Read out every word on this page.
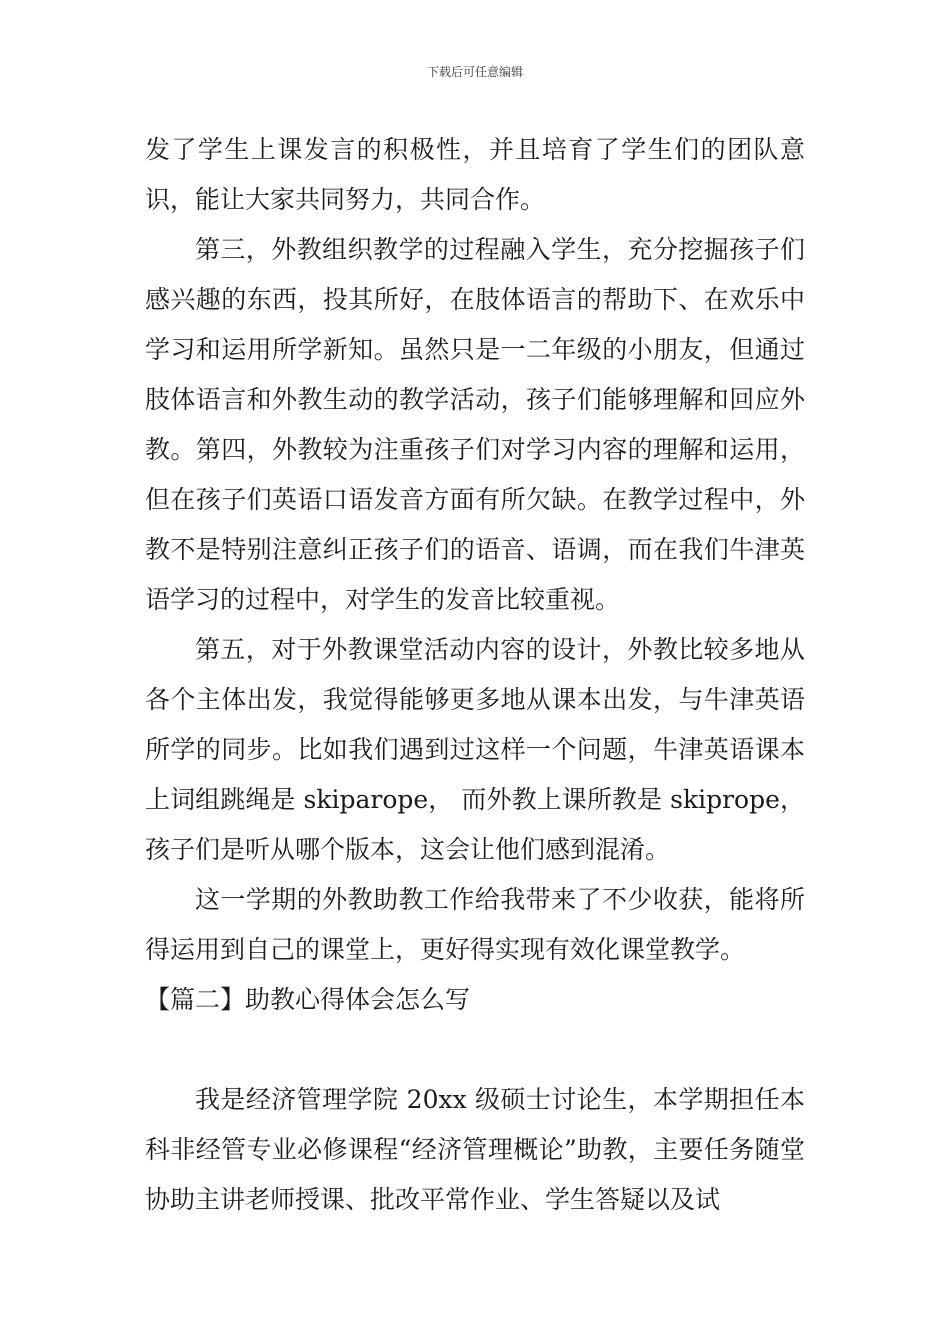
下载后可任意编辑

发了学生上课发言的积极性，并且培育了学生们的团队意识，能让大家共同努力，共同合作。

第三，外教组织教学的过程融入学生，充分挖掘孩子们感兴趣的东西，投其所好，在肢体语言的帮助下、在欢乐中学习和运用所学新知。虽然只是一二年级的小朋友，但通过肢体语言和外教生动的教学活动，孩子们能够理解和回应外教。第四，外教较为注重孩子们对学习内容的理解和运用，但在孩子们英语口语发音方面有所欠缺。在教学过程中，外教不是特别注意纠正孩子们的语音、语调，而在我们牛津英语学习的过程中，对学生的发音比较重视。

第五，对于外教课堂活动内容的设计，外教比较多地从各个主体出发，我觉得能够更多地从课本出发，与牛津英语所学的同步。比如我们遇到过这样一个问题，牛津英语课本上词组跳绳是 skiparope， 而外教上课所教是 skiprope，孩子们是听从哪个版本，这会让他们感到混淆。

这一学期的外教助教工作给我带来了不少收获，能将所得运用到自己的课堂上，更好得实现有效化课堂教学。

【篇二】助教心得体会怎么写

我是经济管理学院 20xx 级硕士讨论生，本学期担任本科非经管专业必修课程“经济管理概论”助教，主要任务随堂协助主讲老师授课、批改平常作业、学生答疑以及试
